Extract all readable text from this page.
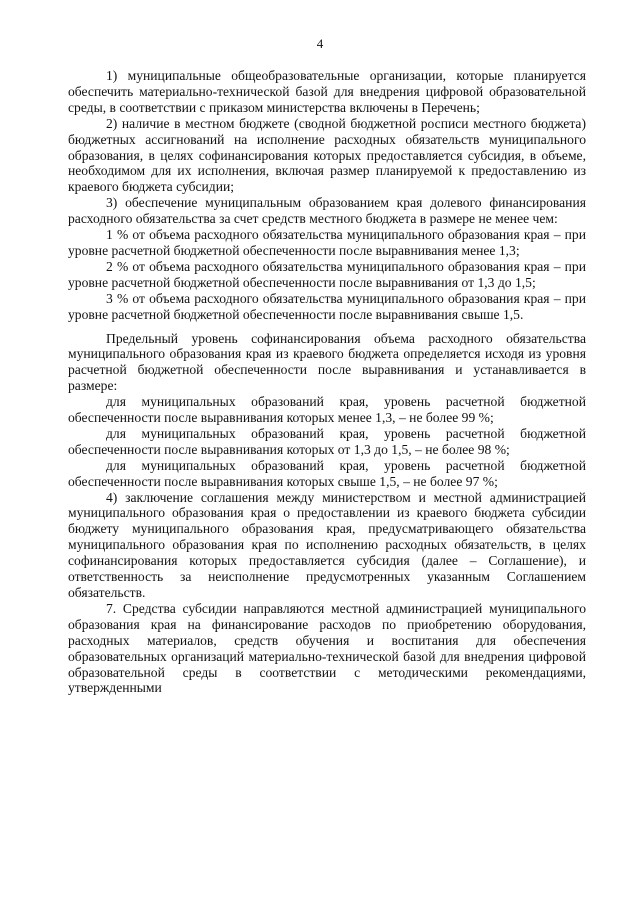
4

1) муниципальные общеобразовательные организации, которые планируется обеспечить материально-технической базой для внедрения цифровой образовательной среды, в соответствии с приказом министерства включены в Перечень;

2) наличие в местном бюджете (сводной бюджетной росписи местного бюджета) бюджетных ассигнований на исполнение расходных обязательств муниципального образования, в целях софинансирования которых предоставляется субсидия, в объеме, необходимом для их исполнения, включая размер планируемой к предоставлению из краевого бюджета субсидии;

3) обеспечение муниципальным образованием края долевого финансирования расходного обязательства за счет средств местного бюджета в размере не менее чем:

1 % от объема расходного обязательства муниципального образования края – при уровне расчетной бюджетной обеспеченности после выравнивания менее 1,3;

2 % от объема расходного обязательства муниципального образования края – при уровне расчетной бюджетной обеспеченности после выравнивания от 1,3 до 1,5;

3 % от объема расходного обязательства муниципального образования края – при уровне расчетной бюджетной обеспеченности после выравнивания свыше 1,5.

Предельный уровень софинансирования объема расходного обязательства муниципального образования края из краевого бюджета определяется исходя из уровня расчетной бюджетной обеспеченности после выравнивания и устанавливается в размере:

для муниципальных образований края, уровень расчетной бюджетной обеспеченности после выравнивания которых менее 1,3, – не более 99 %;

для муниципальных образований края, уровень расчетной бюджетной обеспеченности после выравнивания которых от 1,3 до 1,5, – не более 98 %;

для муниципальных образований края, уровень расчетной бюджетной обеспеченности после выравнивания которых свыше 1,5, – не более 97 %;

4) заключение соглашения между министерством и местной администрацией муниципального образования края о предоставлении из краевого бюджета субсидии бюджету муниципального образования края, предусматривающего обязательства муниципального образования края по исполнению расходных обязательств, в целях софинансирования которых предоставляется субсидия (далее – Соглашение), и ответственность за неисполнение предусмотренных указанным Соглашением обязательств.

7. Средства субсидии направляются местной администрацией муниципального образования края на финансирование расходов по приобретению оборудования, расходных материалов, средств обучения и воспитания для обеспечения образовательных организаций материально-технической базой для внедрения цифровой образовательной среды в соответствии с методическими рекомендациями, утвержденными
